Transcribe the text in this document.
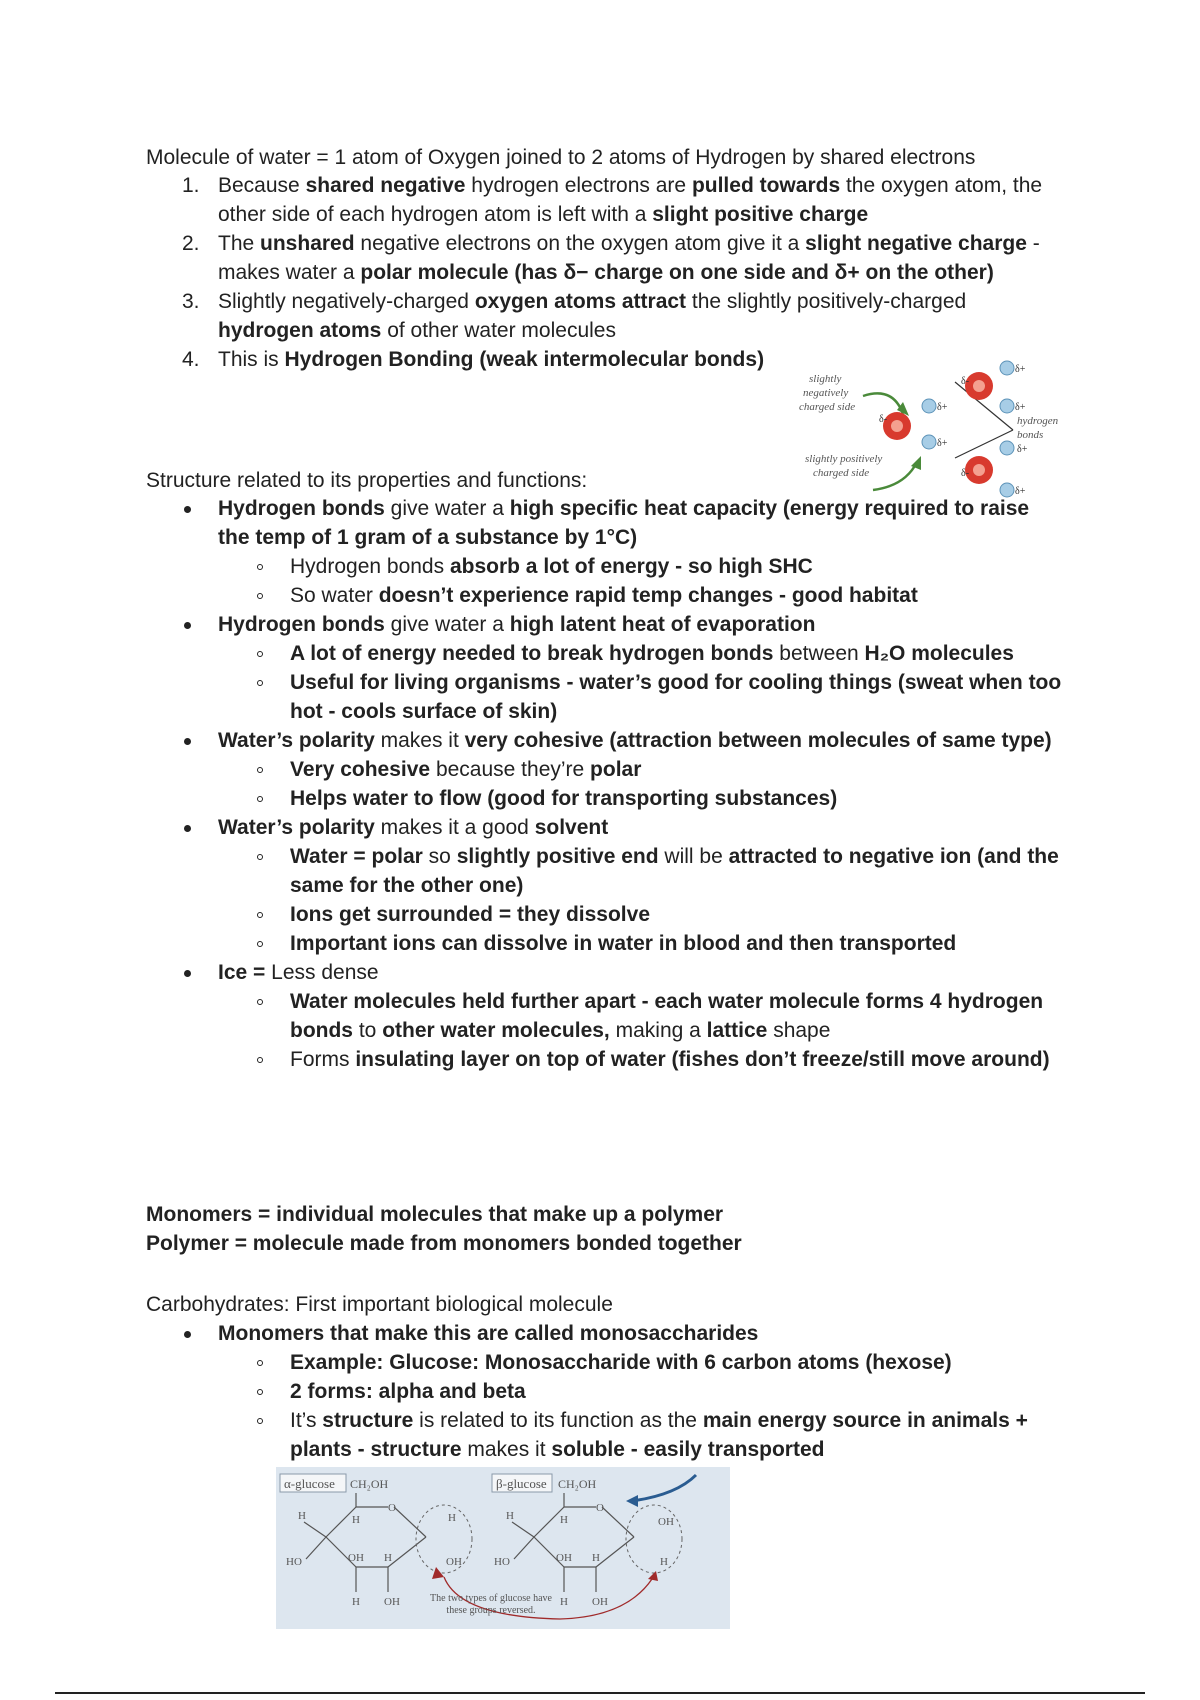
Molecule of water = 1 atom of Oxygen joined to 2 atoms of Hydrogen by shared electrons
1. Because shared negative hydrogen electrons are pulled towards the oxygen atom, the other side of each hydrogen atom is left with a slight positive charge
2. The unshared negative electrons on the oxygen atom give it a slight negative charge - makes water a polar molecule (has δ− charge on one side and δ+ on the other)
3. Slightly negatively-charged oxygen atoms attract the slightly positively-charged hydrogen atoms of other water molecules
4. This is Hydrogen Bonding (weak intermolecular bonds)
slightly
negatively charged side
slightly positively charged side
hydrogen bonds
δ+
δ+
δ+
δ+
δ+
δ+
δ-
δ-
δ-
Structure related to its properties and functions:
Hydrogen bonds give water a high specific heat capacity (energy required to raise the temp of 1 gram of a substance by 1°C)
Hydrogen bonds absorb a lot of energy - so high SHC
So water doesn’t experience rapid temp changes - good habitat
Hydrogen bonds give water a high latent heat of evaporation
A lot of energy needed to break hydrogen bonds between H₂O molecules
Useful for living organisms - water’s good for cooling things (sweat when too hot - cools surface of skin)
Water’s polarity makes it very cohesive (attraction between molecules of same type)
Very cohesive because they’re polar
Helps water to flow (good for transporting substances)
Water’s polarity makes it a good solvent
Water = polar so slightly positive end will be attracted to negative ion (and the same for the other one)
Ions get surrounded = they dissolve
Important ions can dissolve in water in blood and then transported
Ice = Less dense
Water molecules held further apart - each water molecule forms 4 hydrogen bonds to other water molecules, making a lattice shape
Forms insulating layer on top of water (fishes don’t freeze/still move around)
Monomers = individual molecules that make up a polymer
Polymer = molecule made from monomers bonded together
Carbohydrates: First important biological molecule
Monomers that make this are called monosaccharides
Example: Glucose: Monosaccharide with 6 carbon atoms (hexose)
2 forms: alpha and beta
It’s structure is related to its function as the main energy source in animals + plants - structure makes it soluble - easily transported
α-glucose CH₂OH
O
H
HO
H
OH H
H OH
H
OH
β-glucose CH₂OH
O
H
HO
H
OH H
H OH
OH
H
The two types of glucose have these groups reversed.
